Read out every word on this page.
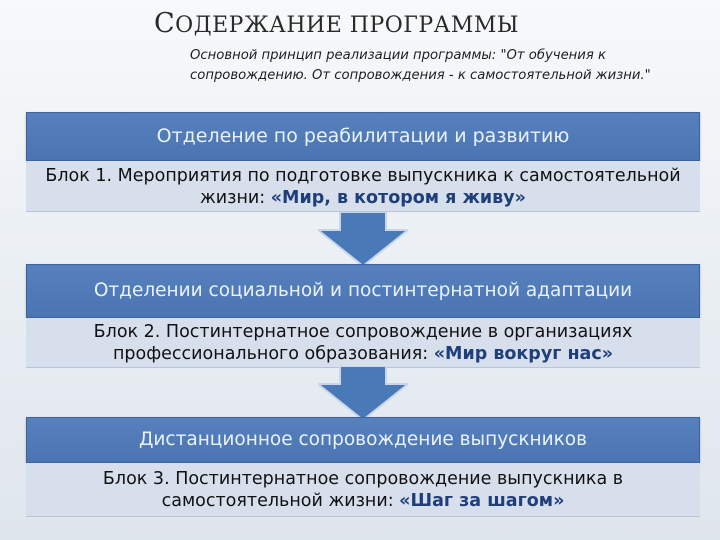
СОДЕРЖАНИЕ ПРОГРАММЫ
Основной принцип реализации программы: "От обучения к сопровождению. От сопровождения - к самостоятельной жизни."
Отделение по реабилитации и развитию
Блок 1. Мероприятия по подготовке выпускника к самостоятельной жизни: «Мир, в котором я живу»
Отделении социальной и постинтернатной адаптации
Блок 2. Постинтернатное сопровождение в организациях профессионального образования: «Мир вокруг нас»
Дистанционное сопровождение выпускников
Блок 3. Постинтернатное сопровождение выпускника в самостоятельной жизни: «Шаг за шагом»
